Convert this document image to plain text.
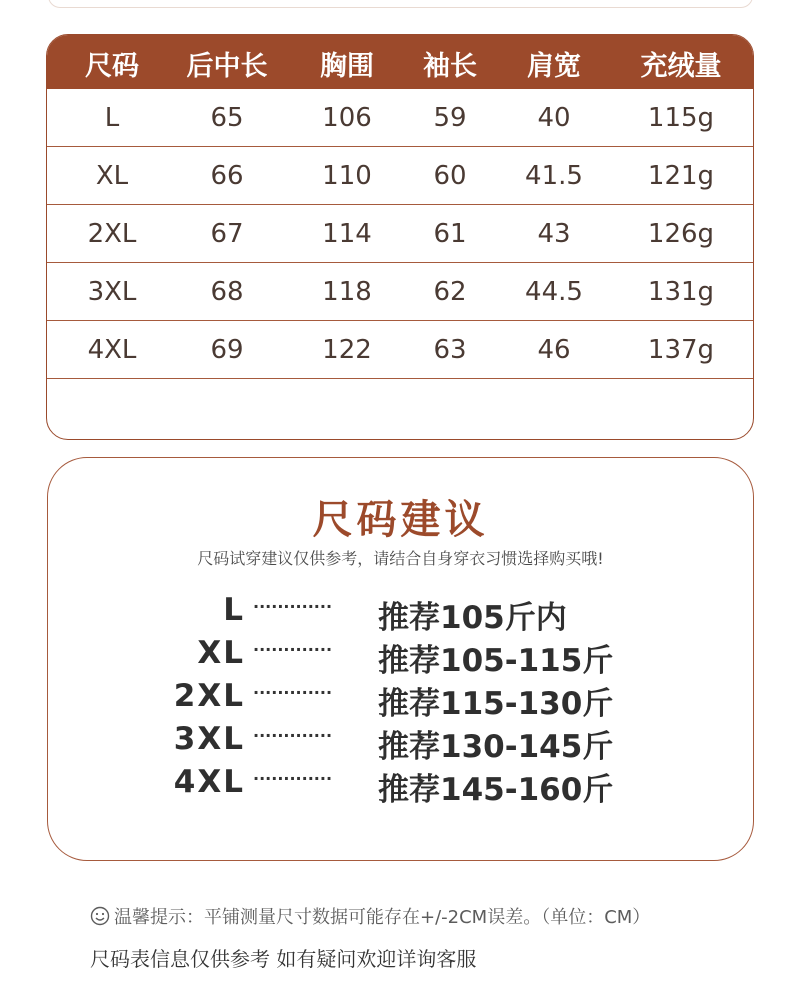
尺码	后中长	胸围	袖长	肩宽	充绒量
L	65	106	59	40	115g
XL	66	110	60	41.5	121g
2XL	67	114	61	43	126g
3XL	68	118	62	44.5	131g
4XL	69	122	63	46	137g
尺码建议
尺码试穿建议仅供参考，请结合自身穿衣习惯选择购买哦!
L ·············	推荐105斤内
XL ·············	推荐105-115斤
2XL ·············	推荐115-130斤
3XL ·············	推荐130-145斤
4XL ·············	推荐145-160斤
温馨提示：平铺测量尺寸数据可能存在+/-2CM误差。（单位：CM）
尺码表信息仅供参考 如有疑问欢迎详询客服
